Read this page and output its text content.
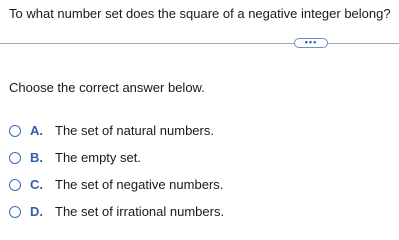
To what number set does the square of a negative integer belong?
•••
Choose the correct answer below.
A. The set of natural numbers.
B. The empty set.
C. The set of negative numbers.
D. The set of irrational numbers.
